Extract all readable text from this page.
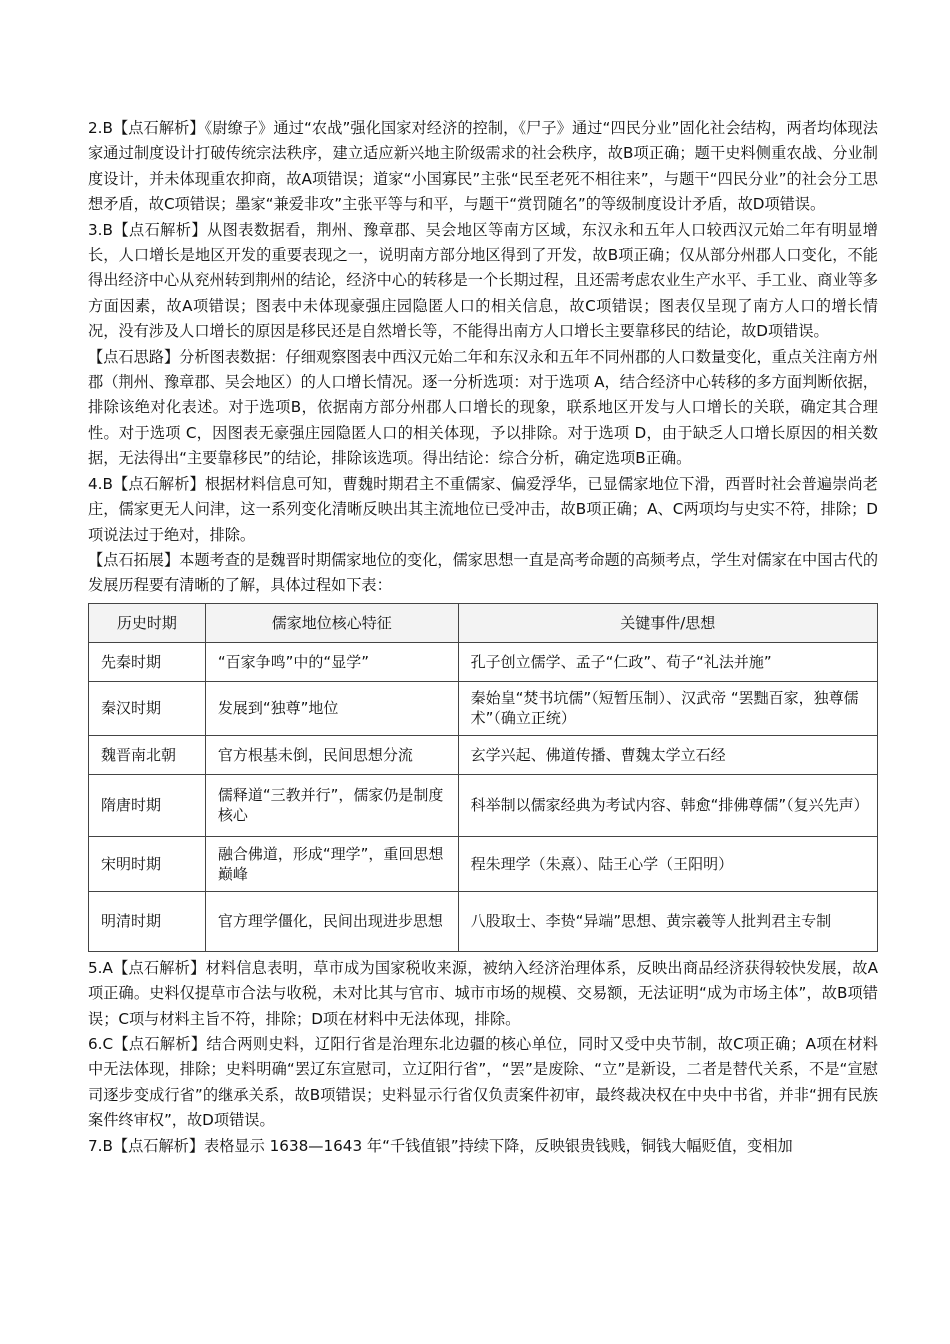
2.B【点石解析】《尉缭子》通过“农战”强化国家对经济的控制，《尸子》通过“四民分业”固化社会结构，两者均体现法家通过制度设计打破传统宗法秩序，建立适应新兴地主阶级需求的社会秩序，故B项正确；题干史料侧重农战、分业制度设计，并未体现重农抑商，故A项错误；道家“小国寡民”主张“民至老死不相往来”，与题干“四民分业”的社会分工思想矛盾，故C项错误；墨家“兼爱非攻”主张平等与和平，与题干“赏罚随名”的等级制度设计矛盾，故D项错误。

3.B【点石解析】从图表数据看，荆州、豫章郡、吴会地区等南方区域，东汉永和五年人口较西汉元始二年有明显增长，人口增长是地区开发的重要表现之一，说明南方部分地区得到了开发，故B项正确；仅从部分州郡人口变化，不能得出经济中心从兖州转到荆州的结论，经济中心的转移是一个长期过程，且还需考虑农业生产水平、手工业、商业等多方面因素，故A项错误；图表中未体现豪强庄园隐匿人口的相关信息，故C项错误；图表仅呈现了南方人口的增长情况，没有涉及人口增长的原因是移民还是自然增长等，不能得出南方人口增长主要靠移民的结论，故D项错误。

【点石思路】分析图表数据：仔细观察图表中西汉元始二年和东汉永和五年不同州郡的人口数量变化，重点关注南方州郡（荆州、豫章郡、吴会地区）的人口增长情况。逐一分析选项：对于选项 A，结合经济中心转移的多方面判断依据，排除该绝对化表述。对于选项B，依据南方部分州郡人口增长的现象，联系地区开发与人口增长的关联，确定其合理性。对于选项 C，因图表无豪强庄园隐匿人口的相关体现，予以排除。对于选项 D，由于缺乏人口增长原因的相关数据，无法得出“主要靠移民”的结论，排除该选项。得出结论：综合分析，确定选项B正确。

4.B【点石解析】根据材料信息可知，曹魏时期君主不重儒家、偏爱浮华，已显儒家地位下滑，西晋时社会普遍崇尚老庄，儒家更无人问津，这一系列变化清晰反映出其主流地位已受冲击，故B项正确；A、C两项均与史实不符，排除；D项说法过于绝对，排除。

【点石拓展】本题考查的是魏晋时期儒家地位的变化，儒家思想一直是高考命题的高频考点，学生对儒家在中国古代的发展历程要有清晰的了解，具体过程如下表：

历史时期	儒家地位核心特征	关键事件/思想
先秦时期	“百家争鸣”中的“显学”	孔子创立儒学、孟子“仁政”、荀子“礼法并施”
秦汉时期	发展到“独尊”地位	秦始皇“焚书坑儒”（短暂压制）、汉武帝 “罢黜百家，独尊儒术”（确立正统）
魏晋南北朝	官方根基未倒，民间思想分流	玄学兴起、佛道传播、曹魏太学立石经
隋唐时期	儒释道“三教并行”，儒家仍是制度核心	科举制以儒家经典为考试内容、韩愈“排佛尊儒”（复兴先声）
宋明时期	融合佛道，形成“理学”，重回思想巅峰	程朱理学（朱熹）、陆王心学（王阳明）
明清时期	官方理学僵化，民间出现进步思想	八股取士、李贽“异端”思想、黄宗羲等人批判君主专制

5.A【点石解析】材料信息表明，草市成为国家税收来源，被纳入经济治理体系，反映出商品经济获得较快发展，故A项正确。史料仅提草市合法与收税，未对比其与官市、城市市场的规模、交易额，无法证明“成为市场主体”，故B项错误；C项与材料主旨不符，排除；D项在材料中无法体现，排除。

6.C【点石解析】结合两则史料，辽阳行省是治理东北边疆的核心单位，同时又受中央节制，故C项正确；A项在材料中无法体现，排除；史料明确“罢辽东宣慰司，立辽阳行省”，“罢”是废除、“立”是新设，二者是替代关系，不是“宣慰司逐步变成行省”的继承关系，故B项错误；史料显示行省仅负责案件初审，最终裁决权在中央中书省，并非“拥有民族案件终审权”，故D项错误。

7.B【点石解析】表格显示 1638—1643 年“千钱值银”持续下降，反映银贵钱贱，铜钱大幅贬值，变相加
